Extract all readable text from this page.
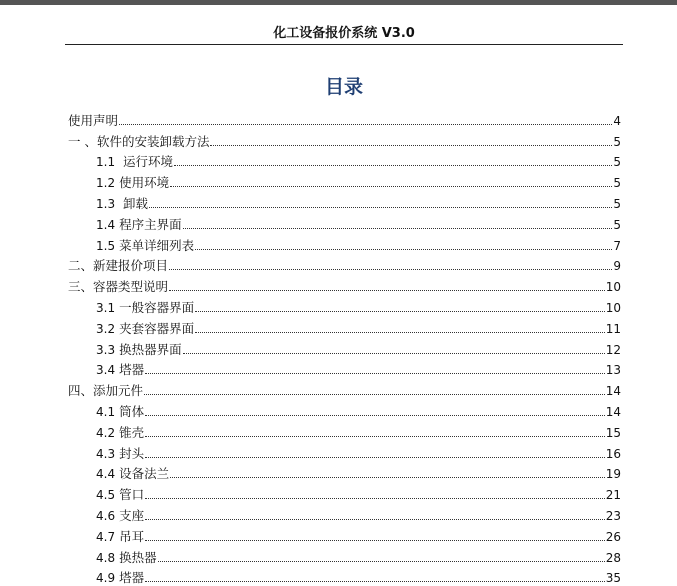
化工设备报价系统 V3.0
目录
使用声明	4
一 、软件的安装卸载方法	5
1.1  运行环境	5
1.2 使用环境	5
1.3  卸载	5
1.4 程序主界面	5
1.5 菜单详细列表	7
二、新建报价项目	9
三、容器类型说明	10
3.1 一般容器界面	10
3.2 夹套容器界面	11
3.3 换热器界面	12
3.4 塔器	13
四、添加元件	14
4.1 筒体	14
4.2 锥壳	15
4.3 封头	16
4.4 设备法兰	19
4.5 管口	21
4.6 支座	23
4.7 吊耳	26
4.8 换热器	28
4.9 塔器	35
